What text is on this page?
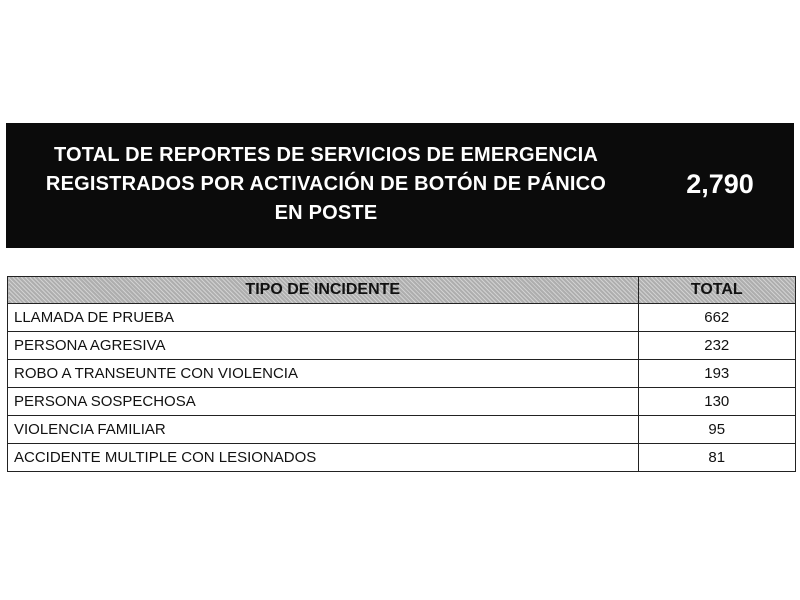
TOTAL DE REPORTES DE SERVICIOS DE EMERGENCIA
REGISTRADOS POR ACTIVACIÓN DE BOTÓN DE PÁNICO
EN POSTE
2,790
TIPO DE INCIDENTE	TOTAL
LLAMADA DE PRUEBA	662
PERSONA AGRESIVA	232
ROBO A TRANSEUNTE CON VIOLENCIA	193
PERSONA SOSPECHOSA	130
VIOLENCIA FAMILIAR	95
ACCIDENTE MULTIPLE CON LESIONADOS	81
